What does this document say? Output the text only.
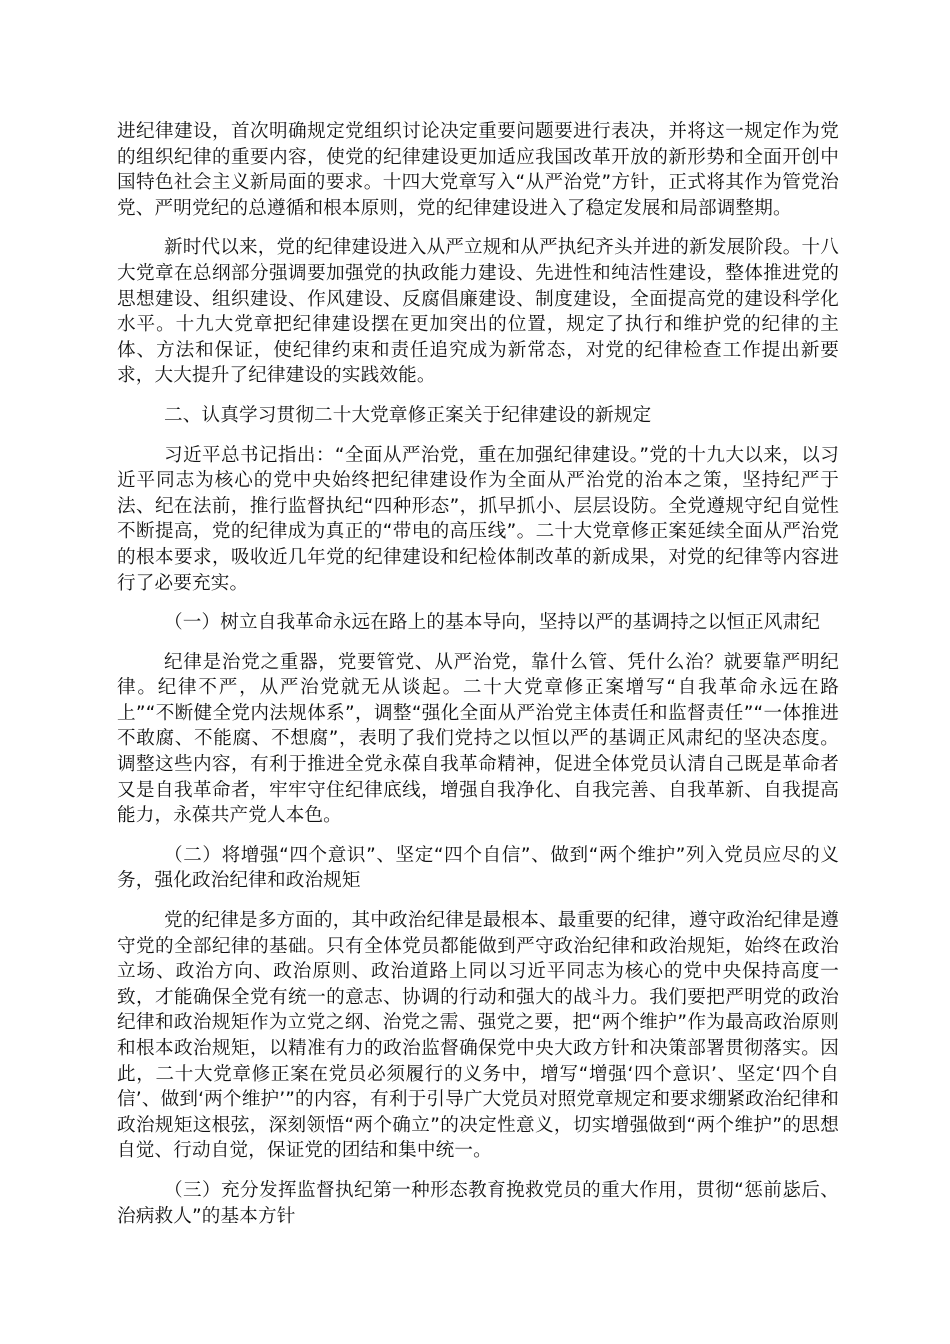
进纪律建设，首次明确规定党组织讨论决定重要问题要进行表决，并将这一规定作为党的组织纪律的重要内容，使党的纪律建设更加适应我国改革开放的新形势和全面开创中国特色社会主义新局面的要求。十四大党章写入“从严治党”方针，正式将其作为管党治党、严明党纪的总遵循和根本原则，党的纪律建设进入了稳定发展和局部调整期。

新时代以来，党的纪律建设进入从严立规和从严执纪齐头并进的新发展阶段。十八大党章在总纲部分强调要加强党的执政能力建设、先进性和纯洁性建设，整体推进党的思想建设、组织建设、作风建设、反腐倡廉建设、制度建设，全面提高党的建设科学化水平。十九大党章把纪律建设摆在更加突出的位置，规定了执行和维护党的纪律的主体、方法和保证，使纪律约束和责任追究成为新常态，对党的纪律检查工作提出新要求，大大提升了纪律建设的实践效能。

二、认真学习贯彻二十大党章修正案关于纪律建设的新规定

习近平总书记指出：“全面从严治党，重在加强纪律建设。”党的十九大以来，以习近平同志为核心的党中央始终把纪律建设作为全面从严治党的治本之策，坚持纪严于法、纪在法前，推行监督执纪“四种形态”，抓早抓小、层层设防。全党遵规守纪自觉性不断提高，党的纪律成为真正的“带电的高压线”。二十大党章修正案延续全面从严治党的根本要求，吸收近几年党的纪律建设和纪检体制改革的新成果，对党的纪律等内容进行了必要充实。

（一）树立自我革命永远在路上的基本导向，坚持以严的基调持之以恒正风肃纪

纪律是治党之重器，党要管党、从严治党，靠什么管、凭什么治？就要靠严明纪律。纪律不严，从严治党就无从谈起。二十大党章修正案增写“自我革命永远在路上”“不断健全党内法规体系”，调整“强化全面从严治党主体责任和监督责任”“一体推进不敢腐、不能腐、不想腐”，表明了我们党持之以恒以严的基调正风肃纪的坚决态度。调整这些内容，有利于推进全党永葆自我革命精神，促进全体党员认清自己既是革命者又是自我革命者，牢牢守住纪律底线，增强自我净化、自我完善、自我革新、自我提高能力，永葆共产党人本色。

（二）将增强“四个意识”、坚定“四个自信”、做到“两个维护”列入党员应尽的义务，强化政治纪律和政治规矩

党的纪律是多方面的，其中政治纪律是最根本、最重要的纪律，遵守政治纪律是遵守党的全部纪律的基础。只有全体党员都能做到严守政治纪律和政治规矩，始终在政治立场、政治方向、政治原则、政治道路上同以习近平同志为核心的党中央保持高度一致，才能确保全党有统一的意志、协调的行动和强大的战斗力。我们要把严明党的政治纪律和政治规矩作为立党之纲、治党之需、强党之要，把“两个维护”作为最高政治原则和根本政治规矩，以精准有力的政治监督确保党中央大政方针和决策部署贯彻落实。因此，二十大党章修正案在党员必须履行的义务中，增写“增强‘四个意识’、坚定‘四个自信’、做到‘两个维护’”的内容，有利于引导广大党员对照党章规定和要求绷紧政治纪律和政治规矩这根弦，深刻领悟“两个确立”的决定性意义，切实增强做到“两个维护”的思想自觉、行动自觉，保证党的团结和集中统一。

（三）充分发挥监督执纪第一种形态教育挽救党员的重大作用，贯彻“惩前毖后、治病救人”的基本方针
